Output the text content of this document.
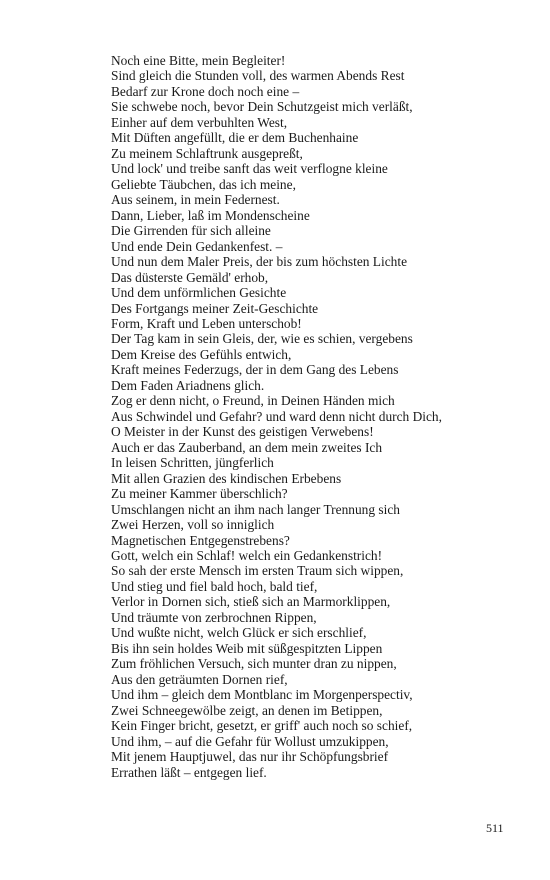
Noch eine Bitte, mein Begleiter!
Sind gleich die Stunden voll, des warmen Abends Rest
Bedarf zur Krone doch noch eine –
Sie schwebe noch, bevor Dein Schutzgeist mich verläßt,
Einher auf dem verbuhlten West,
Mit Düften angefüllt, die er dem Buchenhaine
Zu meinem Schlaftrunk ausgepreßt,
Und lock' und treibe sanft das weit verflogne kleine
Geliebte Täubchen, das ich meine,
Aus seinem, in mein Federnest.
Dann, Lieber, laß im Mondenscheine
Die Girrenden für sich alleine
Und ende Dein Gedankenfest. –
Und nun dem Maler Preis, der bis zum höchsten Lichte
Das düsterste Gemäld' erhob,
Und dem unförmlichen Gesichte
Des Fortgangs meiner Zeit-Geschichte
Form, Kraft und Leben unterschob!
Der Tag kam in sein Gleis, der, wie es schien, vergebens
Dem Kreise des Gefühls entwich,
Kraft meines Federzugs, der in dem Gang des Lebens
Dem Faden Ariadnens glich.
Zog er denn nicht, o Freund, in Deinen Händen mich
Aus Schwindel und Gefahr? und ward denn nicht durch Dich,
O Meister in der Kunst des geistigen Verwebens!
Auch er das Zauberband, an dem mein zweites Ich
In leisen Schritten, jüngferlich
Mit allen Grazien des kindischen Erbebens
Zu meiner Kammer überschlich?
Umschlangen nicht an ihm nach langer Trennung sich
Zwei Herzen, voll so inniglich
Magnetischen Entgegenstrebens?
Gott, welch ein Schlaf! welch ein Gedankenstrich!
So sah der erste Mensch im ersten Traum sich wippen,
Und stieg und fiel bald hoch, bald tief,
Verlor in Dornen sich, stieß sich an Marmorklippen,
Und träumte von zerbrochnen Rippen,
Und wußte nicht, welch Glück er sich erschlief,
Bis ihn sein holdes Weib mit süßgespitzten Lippen
Zum fröhlichen Versuch, sich munter dran zu nippen,
Aus den geträumten Dornen rief,
Und ihm – gleich dem Montblanc im Morgenperspectiv,
Zwei Schneegewölbe zeigt, an denen im Betippen,
Kein Finger bricht, gesetzt, er griff' auch noch so schief,
Und ihm, – auf die Gefahr für Wollust umzukippen,
Mit jenem Hauptjuwel, das nur ihr Schöpfungsbrief
Errathen läßt – entgegen lief.
511
